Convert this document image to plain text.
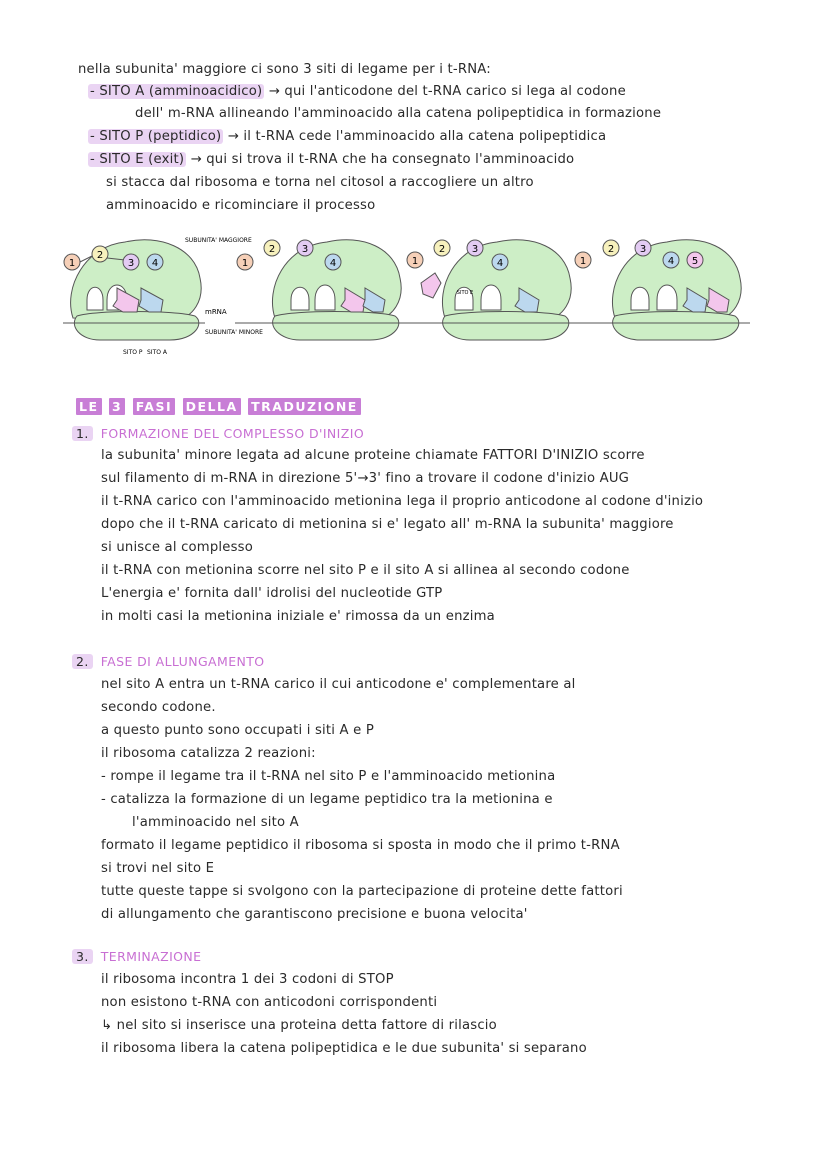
nella subunita' maggiore ci sono 3 siti di legame per i t-RNA:
- SITO A (amminoacidico) → qui l'anticodone del t-RNA carico si lega al codone
dell' m-RNA allineando l'amminoacido alla catena polipeptidica in formazione
- SITO P (peptidico) → il t-RNA cede l'amminoacido alla catena polipeptidica
- SITO E (exit) → qui si trova il t-RNA che ha consegnato l'amminoacido
si stacca dal ribosoma e torna nel citosol a raccogliere un altro
amminoacido e ricominciare il processo
1
2
3 4
SUBUNITA' MAGGIORE
mRNA
SUBUNITA' MINORE
SITO P SITO A
1
2	3
4	1
2	3
4
SITO E
1
2	3
4 5
LE 3 FASI DELLA TRADUZIONE
1. FORMAZIONE DEL COMPLESSO D'INIZIO
la subunita' minore legata ad alcune proteine chiamate FATTORI D'INIZIO scorre
sul filamento di m-RNA in direzione 5'→3' fino a trovare il codone d'inizio AUG
il t-RNA carico con l'amminoacido metionina lega il proprio anticodone al codone d'inizio
dopo che il t-RNA caricato di metionina si e' legato all' m-RNA la subunita' maggiore
si unisce al complesso
il t-RNA con metionina scorre nel sito P e il sito A si allinea al secondo codone
L'energia e' fornita dall' idrolisi del nucleotide GTP
in molti casi la metionina iniziale e' rimossa da un enzima
2. FASE DI ALLUNGAMENTO
nel sito A entra un t-RNA carico il cui anticodone e' complementare al
secondo codone.
a questo punto sono occupati i siti A e P
il ribosoma catalizza 2 reazioni:
- rompe il legame tra il t-RNA nel sito P e l'amminoacido metionina
- catalizza la formazione di un legame peptidico tra la metionina e
l'amminoacido nel sito A
formato il legame peptidico il ribosoma si sposta in modo che il primo t-RNA
si trovi nel sito E
tutte queste tappe si svolgono con la partecipazione di proteine dette fattori
di allungamento che garantiscono precisione e buona velocita'
3. TERMINAZIONE
il ribosoma incontra 1 dei 3 codoni di STOP
non esistono t-RNA con anticodoni corrispondenti
↳ nel sito si inserisce una proteina detta fattore di rilascio
il ribosoma libera la catena polipeptidica e le due subunita' si separano
